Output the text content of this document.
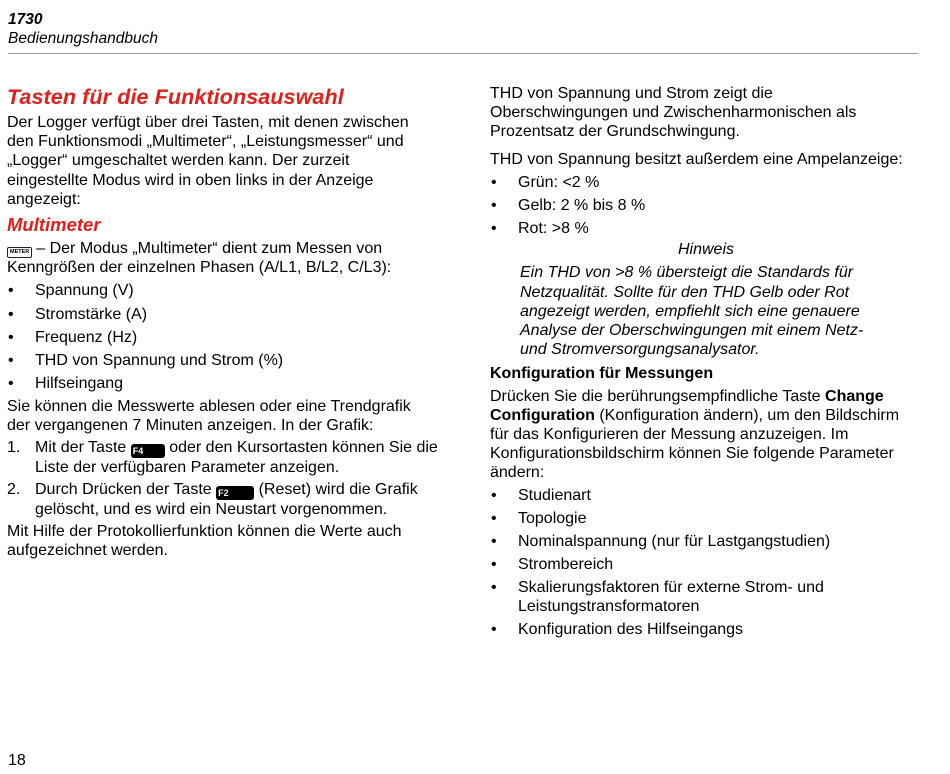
1730
Bedienungshandbuch
Tasten für die Funktionsauswahl

Der Logger verfügt über drei Tasten, mit denen zwischen den Funktionsmodi „Multimeter“, „Leistungsmesser“ und „Logger“ umgeschaltet werden kann. Der zurzeit eingestellte Modus wird in oben links in der Anzeige angezeigt:

Multimeter

METER – Der Modus „Multimeter“ dient zum Messen von Kenngrößen der einzelnen Phasen (A/L1, B/L2, C/L3):

• Spannung (V)
• Stromstärke (A)
• Frequenz (Hz)
• THD von Spannung und Strom (%)
• Hilfseingang

Sie können die Messwerte ablesen oder eine Trendgrafik der vergangenen 7 Minuten anzeigen. In der Grafik:

1. Mit der Taste F4 oder den Kursortasten können Sie die Liste der verfügbaren Parameter anzeigen.
2. Durch Drücken der Taste F2 (Reset) wird die Grafik gelöscht, und es wird ein Neustart vorgenommen.

Mit Hilfe der Protokollierfunktion können die Werte auch aufgezeichnet werden.

THD von Spannung und Strom zeigt die Oberschwingungen und Zwischenharmonischen als Prozentsatz der Grundschwingung.

THD von Spannung besitzt außerdem eine Ampelanzeige:

• Grün: <2 %
• Gelb: 2 % bis 8 %
• Rot: >8 %

Hinweis

Ein THD von >8 % übersteigt die Standards für Netzqualität. Sollte für den THD Gelb oder Rot angezeigt werden, empfiehlt sich eine genauere Analyse der Oberschwingungen mit einem Netz- und Stromversorgungsanalysator.

Konfiguration für Messungen

Drücken Sie die berührungsempfindliche Taste Change Configuration (Konfiguration ändern), um den Bildschirm für das Konfigurieren der Messung anzuzeigen. Im Konfigurationsbildschirm können Sie folgende Parameter ändern:

• Studienart
• Topologie
• Nominalspannung (nur für Lastgangstudien)
• Strombereich
• Skalierungsfaktoren für externe Strom- und Leistungstransformatoren
• Konfiguration des Hilfseingangs
18
